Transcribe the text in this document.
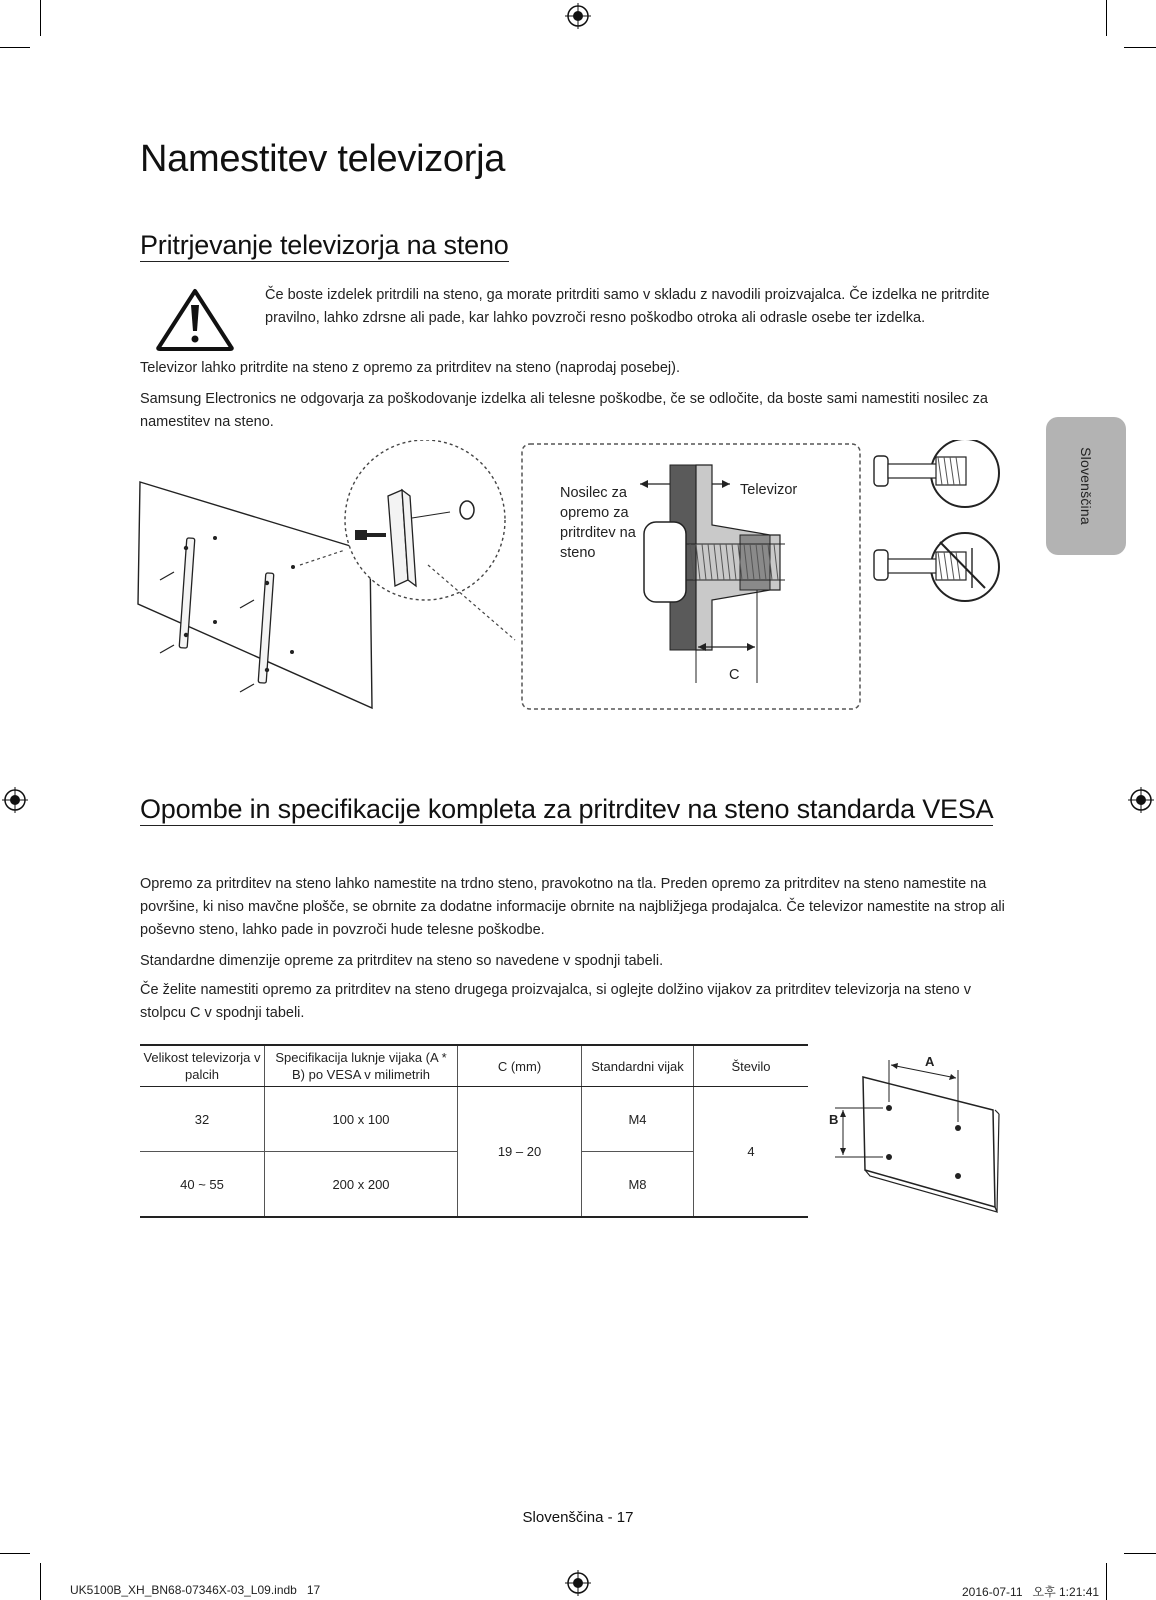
Slovenščina
Namestitev televizorja
Pritrjevanje televizorja na steno

Če boste izdelek pritrdili na steno, ga morate pritrditi samo v skladu z navodili proizvajalca. Če izdelka ne pritrdite pravilno, lahko zdrsne ali pade, kar lahko povzroči resno poškodbo otroka ali odrasle osebe ter izdelka.

Televizor lahko pritrdite na steno z opremo za pritrditev na steno (naprodaj posebej).

Samsung Electronics ne odgovarja za poškodovanje izdelka ali telesne poškodbe, če se odločite, da boste sami namestiti nosilec za namestitev na steno.

Nosilec za opremo za pritrditev na steno
Televizor
C
Opombe in specifikacije kompleta za pritrditev na steno standarda VESA

Opremo za pritrditev na steno lahko namestite na trdno steno, pravokotno na tla. Preden opremo za pritrditev na steno namestite na površine, ki niso mavčne plošče, se obrnite za dodatne informacije obrnite na najbližjega prodajalca. Če televizor namestite na strop ali poševno steno, lahko pade in povzroči hude telesne poškodbe.

Standardne dimenzije opreme za pritrditev na steno so navedene v spodnji tabeli.

Če želite namestiti opremo za pritrditev na steno drugega proizvajalca, si oglejte dolžino vijakov za pritrditev televizorja na steno v stolpcu C v spodnji tabeli.

Velikost televizorja v palcih	Specifikacija luknje vijaka (A * B) po VESA v milimetrih	C (mm)	Standardni vijak	Število
32	100 x 100	19 – 20	M4	4

40 ~ 55	200 x 200		M8	

A
B
Slovenščina - 17
UK5100B_XH_BN68-07346X-03_L09.indb   17	2016-07-11   오후 1:21:41
